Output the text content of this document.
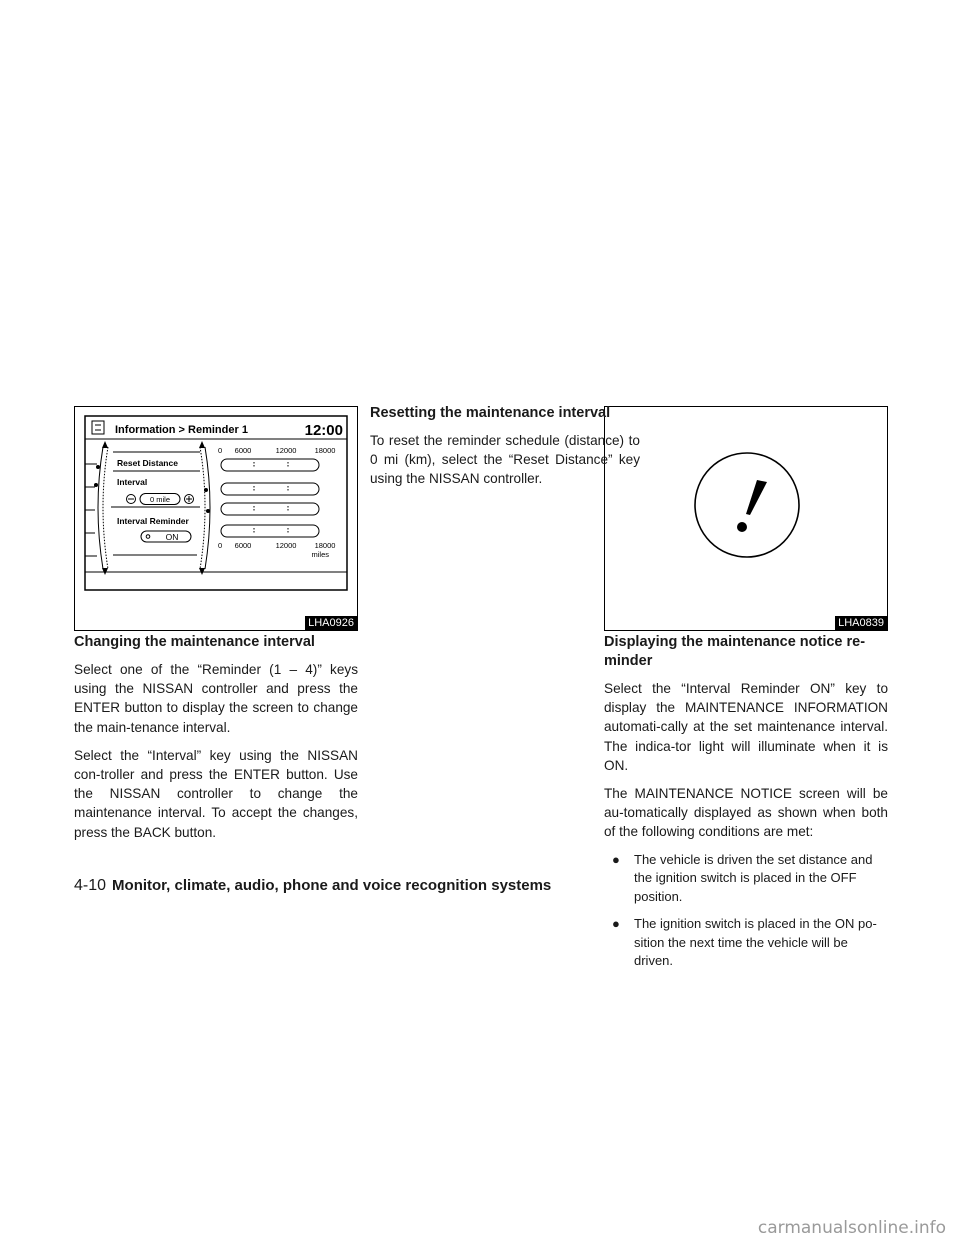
Information > Reminder 1	12:00
Reset Distance
Interval
0 mile
Interval Reminder
ON
0 6000	12000 18000
0 6000	12000 18000
miles
LHA0926	LHA0839
Changing the maintenance interval

Select one of the “Reminder (1 – 4)” keys using the NISSAN controller and press the ENTER button to display the screen to change the main-tenance interval.

Select the “Interval” key using the NISSAN con-troller and press the ENTER button. Use the NISSAN controller to change the maintenance interval. To accept the changes, press the BACK button.

Resetting the maintenance interval

To reset the reminder schedule (distance) to 0 mi (km), select the “Reset Distance” key using the NISSAN controller.

Displaying the maintenance notice re-minder

Select the “Interval Reminder ON” key to display the MAINTENANCE INFORMATION automati-cally at the set maintenance interval. The indica-tor light will illuminate when it is ON.

The MAINTENANCE NOTICE screen will be au-tomatically displayed as shown when both of the following conditions are met:

● The vehicle is driven the set distance and the ignition switch is placed in the OFF position.
● The ignition switch is placed in the ON po-sition the next time the vehicle will be driven.
4-10 Monitor, climate, audio, phone and voice recognition systems
carmanualsonline.info
